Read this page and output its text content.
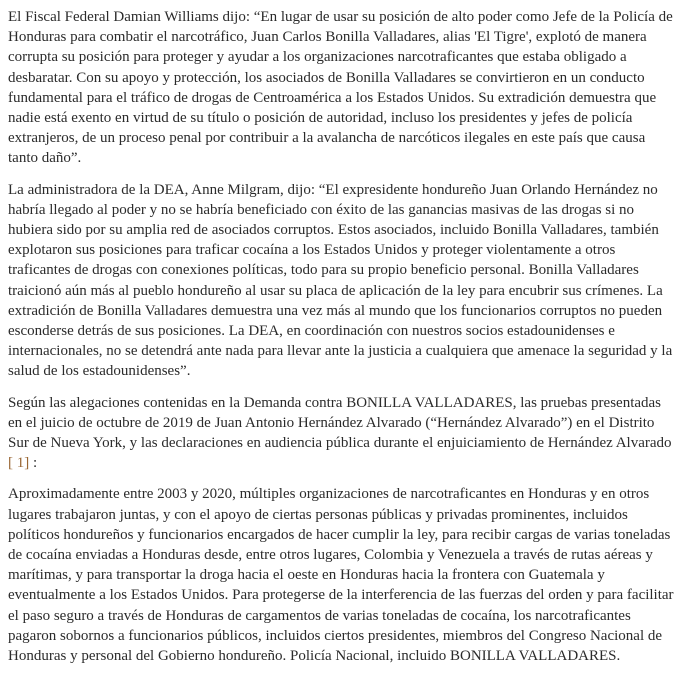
El Fiscal Federal Damian Williams dijo: “En lugar de usar su posición de alto poder como Jefe de la Policía de Honduras para combatir el narcotráfico, Juan Carlos Bonilla Valladares, alias 'El Tigre', explotó de manera corrupta su posición para proteger y ayudar a los organizaciones narcotraficantes que estaba obligado a desbaratar. Con su apoyo y protección, los asociados de Bonilla Valladares se convirtieron en un conducto fundamental para el tráfico de drogas de Centroamérica a los Estados Unidos. Su extradición demuestra que nadie está exento en virtud de su título o posición de autoridad, incluso los presidentes y jefes de policía extranjeros, de un proceso penal por contribuir a la avalancha de narcóticos ilegales en este país que causa tanto daño”.

La administradora de la DEA, Anne Milgram, dijo: “El expresidente hondureño Juan Orlando Hernández no habría llegado al poder y no se habría beneficiado con éxito de las ganancias masivas de las drogas si no hubiera sido por su amplia red de asociados corruptos. Estos asociados, incluido Bonilla Valladares, también explotaron sus posiciones para traficar cocaína a los Estados Unidos y proteger violentamente a otros traficantes de drogas con conexiones políticas, todo para su propio beneficio personal. Bonilla Valladares traicionó aún más al pueblo hondureño al usar su placa de aplicación de la ley para encubrir sus crímenes. La extradición de Bonilla Valladares demuestra una vez más al mundo que los funcionarios corruptos no pueden esconderse detrás de sus posiciones. La DEA, en coordinación con nuestros socios estadounidenses e internacionales, no se detendrá ante nada para llevar ante la justicia a cualquiera que amenace la seguridad y la salud de los estadounidenses”.

Según las alegaciones contenidas en la Demanda contra BONILLA VALLADARES, las pruebas presentadas en el juicio de octubre de 2019 de Juan Antonio Hernández Alvarado (“Hernández Alvarado”) en el Distrito Sur de Nueva York, y las declaraciones en audiencia pública durante el enjuiciamiento de Hernández Alvarado [ 1] :

Aproximadamente entre 2003 y 2020, múltiples organizaciones de narcotraficantes en Honduras y en otros lugares trabajaron juntas, y con el apoyo de ciertas personas públicas y privadas prominentes, incluidos políticos hondureños y funcionarios encargados de hacer cumplir la ley, para recibir cargas de varias toneladas de cocaína enviadas a Honduras desde, entre otros lugares, Colombia y Venezuela a través de rutas aéreas y marítimas, y para transportar la droga hacia el oeste en Honduras hacia la frontera con Guatemala y eventualmente a los Estados Unidos. Para protegerse de la interferencia de las fuerzas del orden y para facilitar el paso seguro a través de Honduras de cargamentos de varias toneladas de cocaína, los narcotraficantes pagaron sobornos a funcionarios públicos, incluidos ciertos presidentes, miembros del Congreso Nacional de Honduras y personal del Gobierno hondureño. Policía Nacional, incluido BONILLA VALLADARES.
